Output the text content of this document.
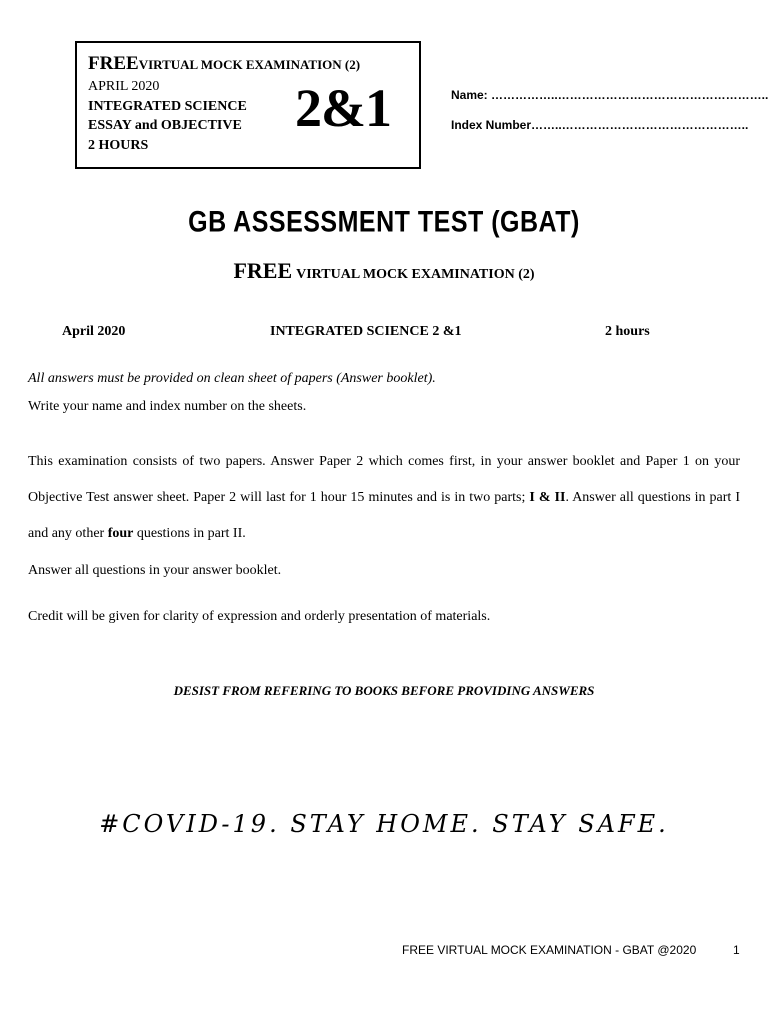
FREEVIRTUAL MOCK EXAMINATION (2)
APRIL 2020
INTEGRATED SCIENCE
ESSAY and OBJECTIVE
2 HOURS
2&1	Name: ……………..……………………………………………..
Index Number……..………………………………………..
GB ASSESSMENT TEST (GBAT)
FREE VIRTUAL MOCK EXAMINATION (2)
April 2020	INTEGRATED SCIENCE 2 &1	2 hours
All answers must be provided on clean sheet of papers (Answer booklet).
Write your name and index number on the sheets.
This examination consists of two papers. Answer Paper 2 which comes first, in your answer booklet and Paper 1 on your Objective Test answer sheet. Paper 2 will last for 1 hour 15 minutes and is in two parts; I & II. Answer all questions in part I and any other four questions in part II.
Answer all questions in your answer booklet.
Credit will be given for clarity of expression and orderly presentation of materials.
DESIST FROM REFERING TO BOOKS BEFORE PROVIDING ANSWERS
#COVID-19. STAY HOME. STAY SAFE.
FREE VIRTUAL MOCK EXAMINATION - GBAT @2020	1
